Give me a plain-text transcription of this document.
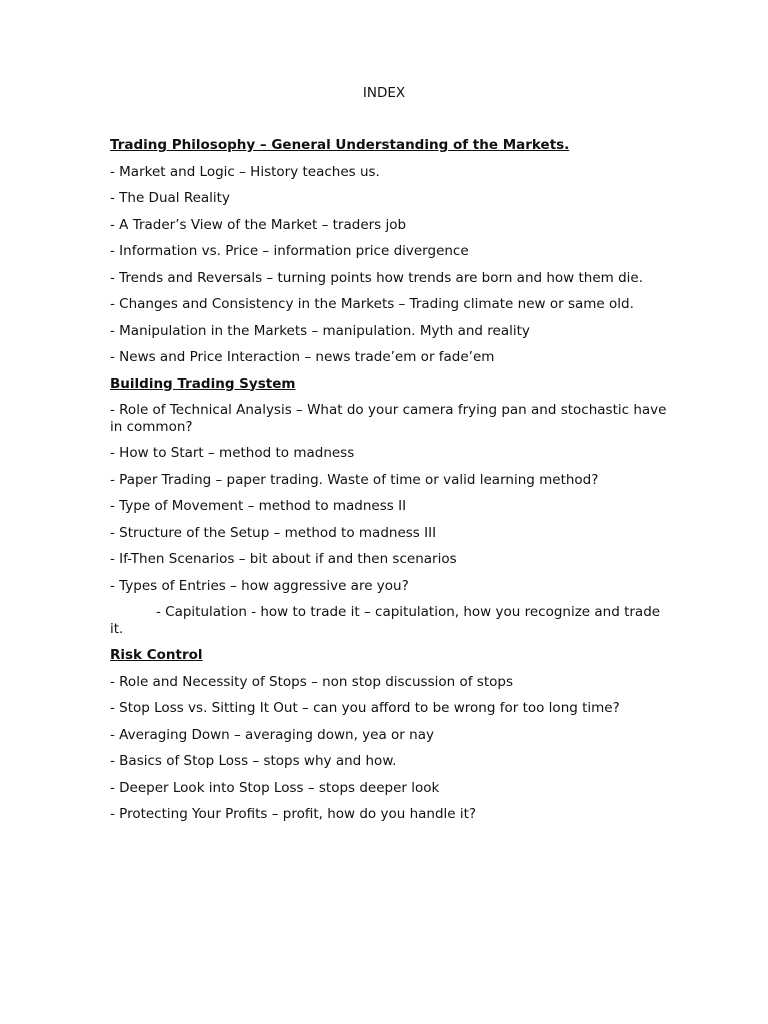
INDEX
Trading Philosophy – General Understanding of the Markets.
- Market and Logic – History teaches us.
- The Dual Reality
- A Trader’s View of the Market – traders job
- Information vs. Price – information price divergence
- Trends and Reversals – turning points how trends are born and how them die.
- Changes and Consistency in the Markets – Trading climate new or same old.
- Manipulation in the Markets – manipulation. Myth and reality
- News and Price Interaction – news trade’em or fade’em
Building Trading System
- Role of Technical Analysis – What do your camera frying pan and stochastic have in common?
- How to Start – method to madness
- Paper Trading – paper trading. Waste of time or valid learning method?
- Type of Movement – method to madness II
- Structure of the Setup – method to madness III
- If-Then Scenarios – bit about if and then scenarios
- Types of Entries – how aggressive are you?
- Capitulation - how to trade it – capitulation, how you recognize and trade it.
Risk Control
- Role and Necessity of Stops – non stop discussion of stops
- Stop Loss vs. Sitting It Out – can you afford to be wrong for too long time?
- Averaging Down – averaging down, yea or nay
- Basics of Stop Loss – stops why and how.
- Deeper Look into Stop Loss – stops deeper look
- Protecting Your Profits – profit, how do you handle it?
